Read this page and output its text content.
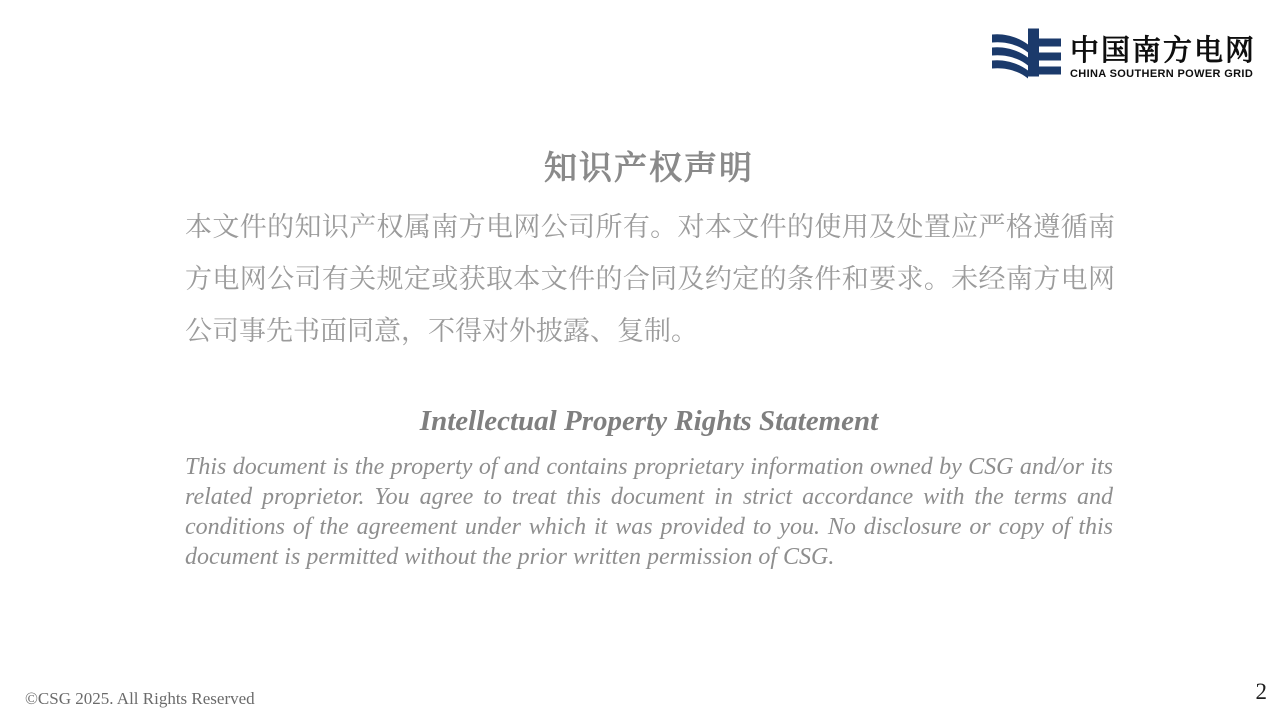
中国南方电网
CHINA SOUTHERN POWER GRID
知识产权声明

本文件的知识产权属南方电网公司所有。对本文件的使用及处置应严格遵循南方电网公司有关规定或获取本文件的合同及约定的条件和要求。未经南方电网公司事先书面同意，不得对外披露、复制。

Intellectual Property Rights Statement

This document is the property of and contains proprietary information owned by CSG and/or its related proprietor. You agree to treat this document in strict accordance with the terms and conditions of the agreement under which it was provided to you. No disclosure or copy of this document is permitted without the prior written permission of CSG.

©CSG 2025. All Rights Reserved	2
